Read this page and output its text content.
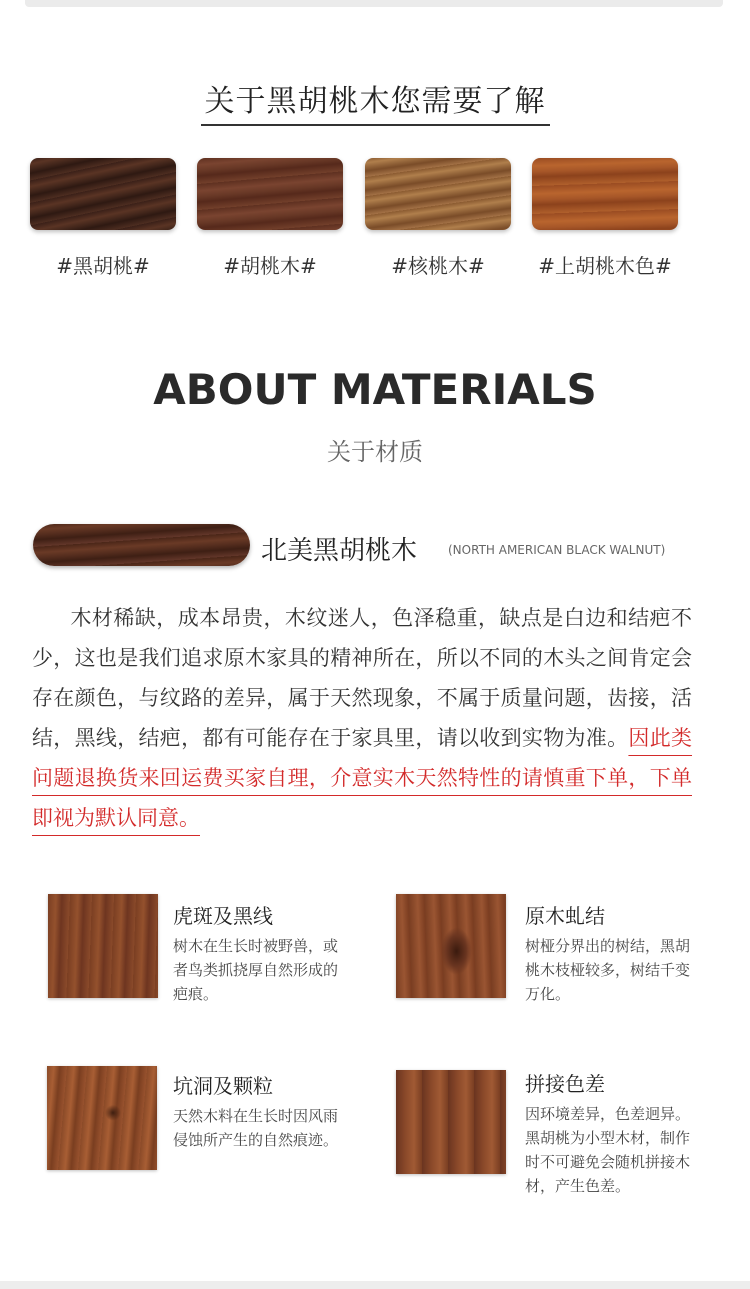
关于黑胡桃木您需要了解
#黑胡桃#	#胡桃木#	#核桃木#	#上胡桃木色#
ABOUT MATERIALS
关于材质
北美黑胡桃木	(NORTH AMERICAN BLACK WALNUT)
木材稀缺，成本昂贵，木纹迷人，色泽稳重，缺点是白边和结疤不少，这也是我们追求原木家具的精神所在，所以不同的木头之间肯定会存在颜色，与纹路的差异，属于天然现象，不属于质量问题，齿接，活结，黑线，结疤，都有可能存在于家具里，请以收到实物为准。因此类问题退换货来回运费买家自理，介意实木天然特性的请慎重下单，下单即视为默认同意。
虎斑及黑线
树木在生长时被野兽，或者鸟类抓挠厚自然形成的疤痕。
原木虬结
树桠分界出的树结，黑胡桃木枝桠较多，树结千变万化。
坑洞及颗粒
天然木料在生长时因风雨侵蚀所产生的自然痕迹。
拼接色差
因环境差异，色差迥异。黑胡桃为小型木材，制作时不可避免会随机拼接木材，产生色差。
